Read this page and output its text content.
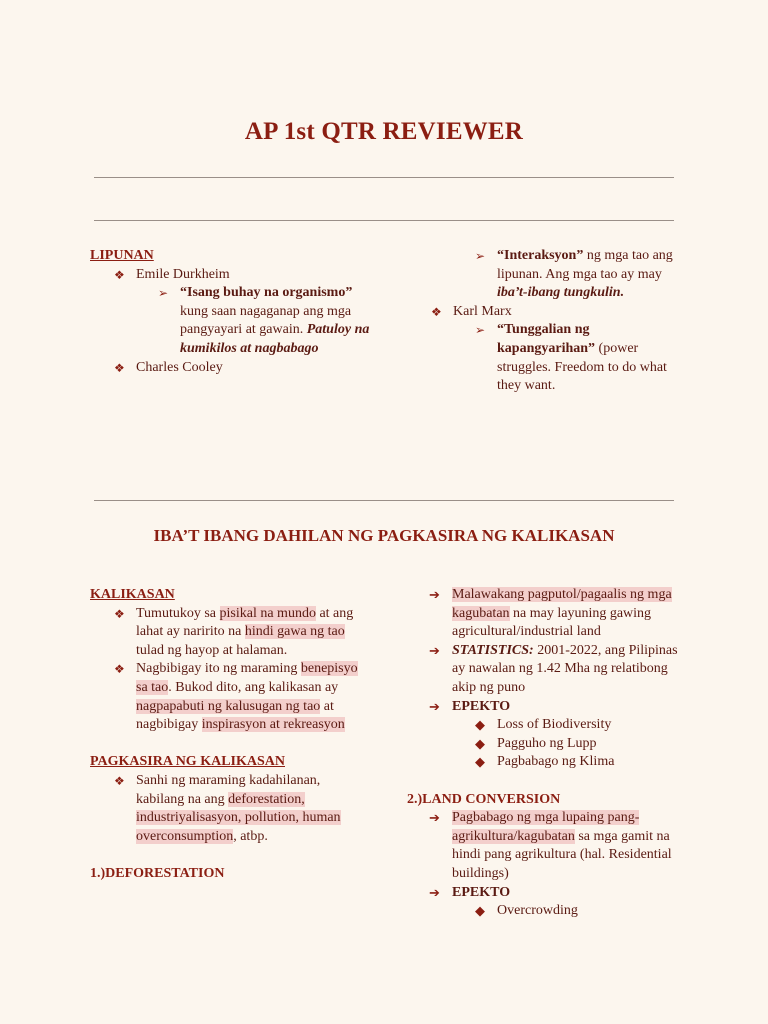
AP 1st QTR REVIEWER
LIPUNAN
❖ Emile Durkheim
➢ “Isang buhay na organismo” kung saan nagaganap ang mga pangyayari at gawain. Patuloy na kumikilos at nagbabago
❖ Charles Cooley
➢ “Interaksyon” ng mga tao ang lipunan. Ang mga tao ay may iba’t-ibang tungkulin.
❖ Karl Marx
➢ “Tunggalian ng kapangyarihan” (power struggles. Freedom to do what they want.
IBA’T IBANG DAHILAN NG PAGKASIRA NG KALIKASAN
KALIKASAN
❖ Tumutukoy sa pisikal na mundo at ang lahat ay naririto na hindi gawa ng tao tulad ng hayop at halaman.
❖ Nagbibigay ito ng maraming benepisyo sa tao. Bukod dito, ang kalikasan ay nagpapabuti ng kalusugan ng tao at nagbibigay inspirasyon at rekreasyon
PAGKASIRA NG KALIKASAN
❖ Sanhi ng maraming kadahilanan, kabilang na ang deforestation, industriyalisasyon, pollution, human overconsumption, atbp.
1.)DEFORESTATION
➔ Malawakang pagputol/pagaalis ng mga kagubatan na may layuning gawing agricultural/industrial land
➔ STATISTICS: 2001-2022, ang Pilipinas ay nawalan ng 1.42 Mha ng relatibong akip ng puno
➔ EPEKTO
◆ Loss of Biodiversity
◆ Pagguho ng Lupp
◆ Pagbabago ng Klima
2.)LAND CONVERSION
➔ Pagbabago ng mga lupaing pang-agrikultura/kagubatan sa mga gamit na hindi pang agrikultura (hal. Residential buildings)
➔ EPEKTO
◆ Overcrowding
